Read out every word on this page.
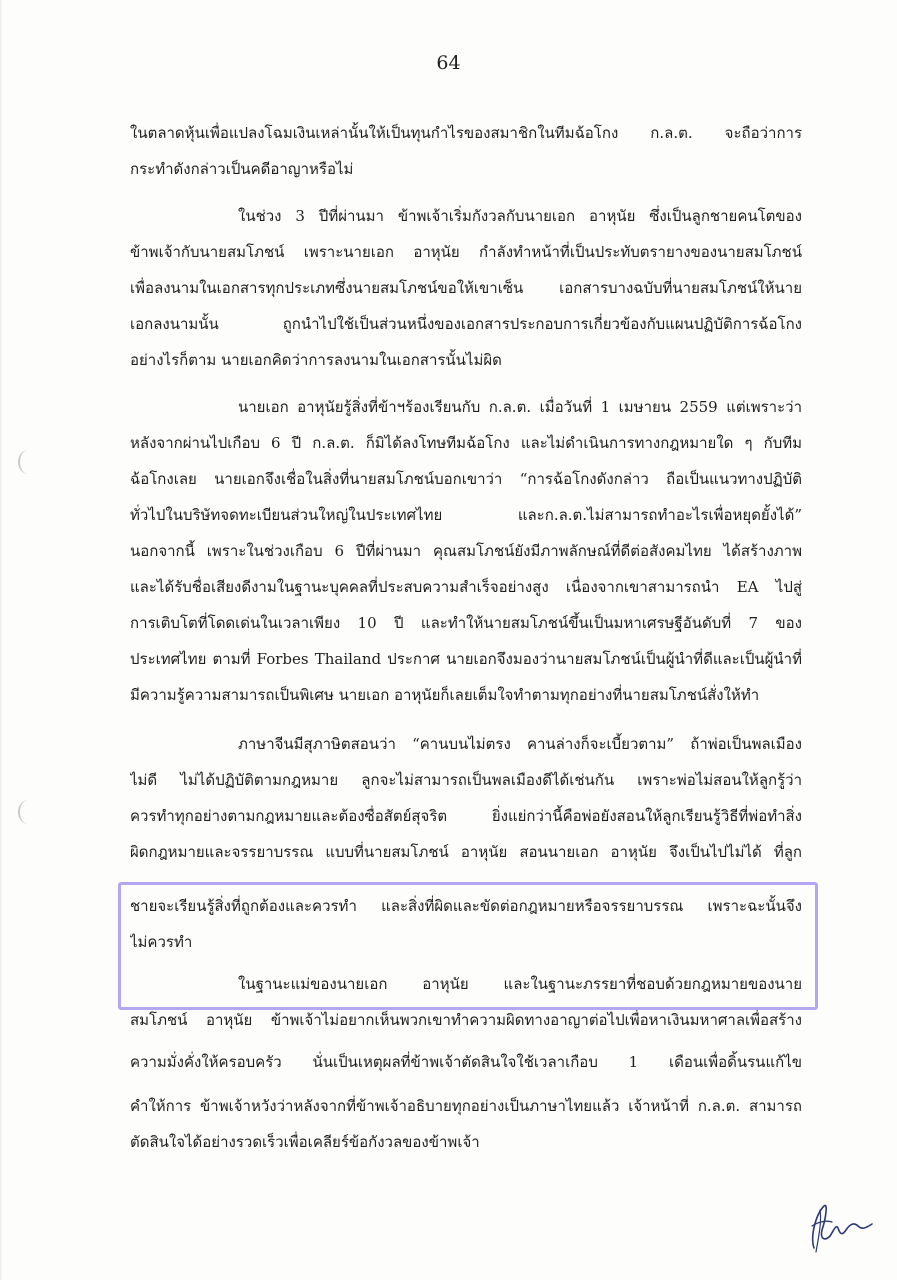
64
ในตลาดหุ้นเพื่อแปลงโฉมเงินเหล่านั้นให้เป็นทุนกำไรของสมาชิกในทีมฉ้อโกง ก.ล.ต. จะถือว่าการ
กระทำดังกล่าวเป็นคดีอาญาหรือไม่
ในช่วง 3 ปีที่ผ่านมา ข้าพเจ้าเริ่มกังวลกับนายเอก อาหุนัย ซึ่งเป็นลูกชายคนโตของ
ข้าพเจ้ากับนายสมโภชน์ เพราะนายเอก อาหุนัย กำลังทำหน้าที่เป็นประทับตรายางของนายสมโภชน์
เพื่อลงนามในเอกสารทุกประเภทซึ่งนายสมโภชน์ขอให้เขาเซ็น เอกสารบางฉบับที่นายสมโภชน์ให้นาย
เอกลงนามนั้น ถูกนำไปใช้เป็นส่วนหนึ่งของเอกสารประกอบการเกี่ยวข้องกับแผนปฏิบัติการฉ้อโกง
อย่างไรก็ตาม นายเอกคิดว่าการลงนามในเอกสารนั้นไม่ผิด
นายเอก อาหุนัยรู้สิ่งที่ข้าฯร้องเรียนกับ ก.ล.ต. เมื่อวันที่ 1 เมษายน 2559 แต่เพราะว่า
หลังจากผ่านไปเกือบ 6 ปี ก.ล.ต. ก็มิได้ลงโทษทีมฉ้อโกง และไม่ดำเนินการทางกฎหมายใด ๆ กับทีม
ฉ้อโกงเลย นายเอกจึงเชื่อในสิ่งที่นายสมโภชน์บอกเขาว่า “การฉ้อโกงดังกล่าว ถือเป็นแนวทางปฏิบัติ
ทั่วไปในบริษัทจดทะเบียนส่วนใหญ่ในประเทศไทย และก.ล.ต.ไม่สามารถทำอะไรเพื่อหยุดยั้งได้”
นอกจากนี้ เพราะในช่วงเกือบ 6 ปีที่ผ่านมา คุณสมโภชน์ยังมีภาพลักษณ์ที่ดีต่อสังคมไทย ได้สร้างภาพ
และได้รับชื่อเสียงดีงามในฐานะบุคคลที่ประสบความสำเร็จอย่างสูง เนื่องจากเขาสามารถนำ EA ไปสู่
การเติบโตที่โดดเด่นในเวลาเพียง 10 ปี และทำให้นายสมโภชน์ขึ้นเป็นมหาเศรษฐีอันดับที่ 7 ของ
ประเทศไทย ตามที่ Forbes Thailand ประกาศ นายเอกจึงมองว่านายสมโภชน์เป็นผู้นำที่ดีและเป็นผู้นำที่
มีความรู้ความสามารถเป็นพิเศษ นายเอก อาหุนัยก็เลยเต็มใจทำตามทุกอย่างที่นายสมโภชน์สั่งให้ทำ
ภาษาจีนมีสุภาษิตสอนว่า “คานบนไม่ตรง คานล่างก็จะเบี้ยวตาม” ถ้าพ่อเป็นพลเมือง
ไม่ดี ไม่ได้ปฏิบัติตามกฎหมาย ลูกจะไม่สามารถเป็นพลเมืองดีได้เช่นกัน เพราะพ่อไม่สอนให้ลูกรู้ว่า
ควรทำทุกอย่างตามกฎหมายและต้องซื่อสัตย์สุจริต ยิ่งแย่กว่านี้คือพ่อยังสอนให้ลูกเรียนรู้วิธีที่พ่อทำสิ่ง
ผิดกฎหมายและจรรยาบรรณ แบบที่นายสมโภชน์ อาหุนัย สอนนายเอก อาหุนัย จึงเป็นไปไม่ได้ ที่ลูก
ชายจะเรียนรู้สิ่งที่ถูกต้องและควรทำ และสิ่งที่ผิดและขัดต่อกฎหมายหรือจรรยาบรรณ เพราะฉะนั้นจึง
ไม่ควรทำ
ในฐานะแม่ของนายเอก อาหุนัย และในฐานะภรรยาที่ชอบด้วยกฎหมายของนาย
สมโภชน์ อาหุนัย ข้าพเจ้าไม่อยากเห็นพวกเขาทำความผิดทางอาญาต่อไปเพื่อหาเงินมหาศาลเพื่อสร้าง
ความมั่งคั่งให้ครอบครัว นั่นเป็นเหตุผลที่ข้าพเจ้าตัดสินใจใช้เวลาเกือบ 1 เดือนเพื่อดิ้นรนแก้ไข
คำให้การ ข้าพเจ้าหวังว่าหลังจากที่ข้าพเจ้าอธิบายทุกอย่างเป็นภาษาไทยแล้ว เจ้าหน้าที่ ก.ล.ต. สามารถ
ตัดสินใจได้อย่างรวดเร็วเพื่อเคลียร์ข้อกังวลของข้าพเจ้า
